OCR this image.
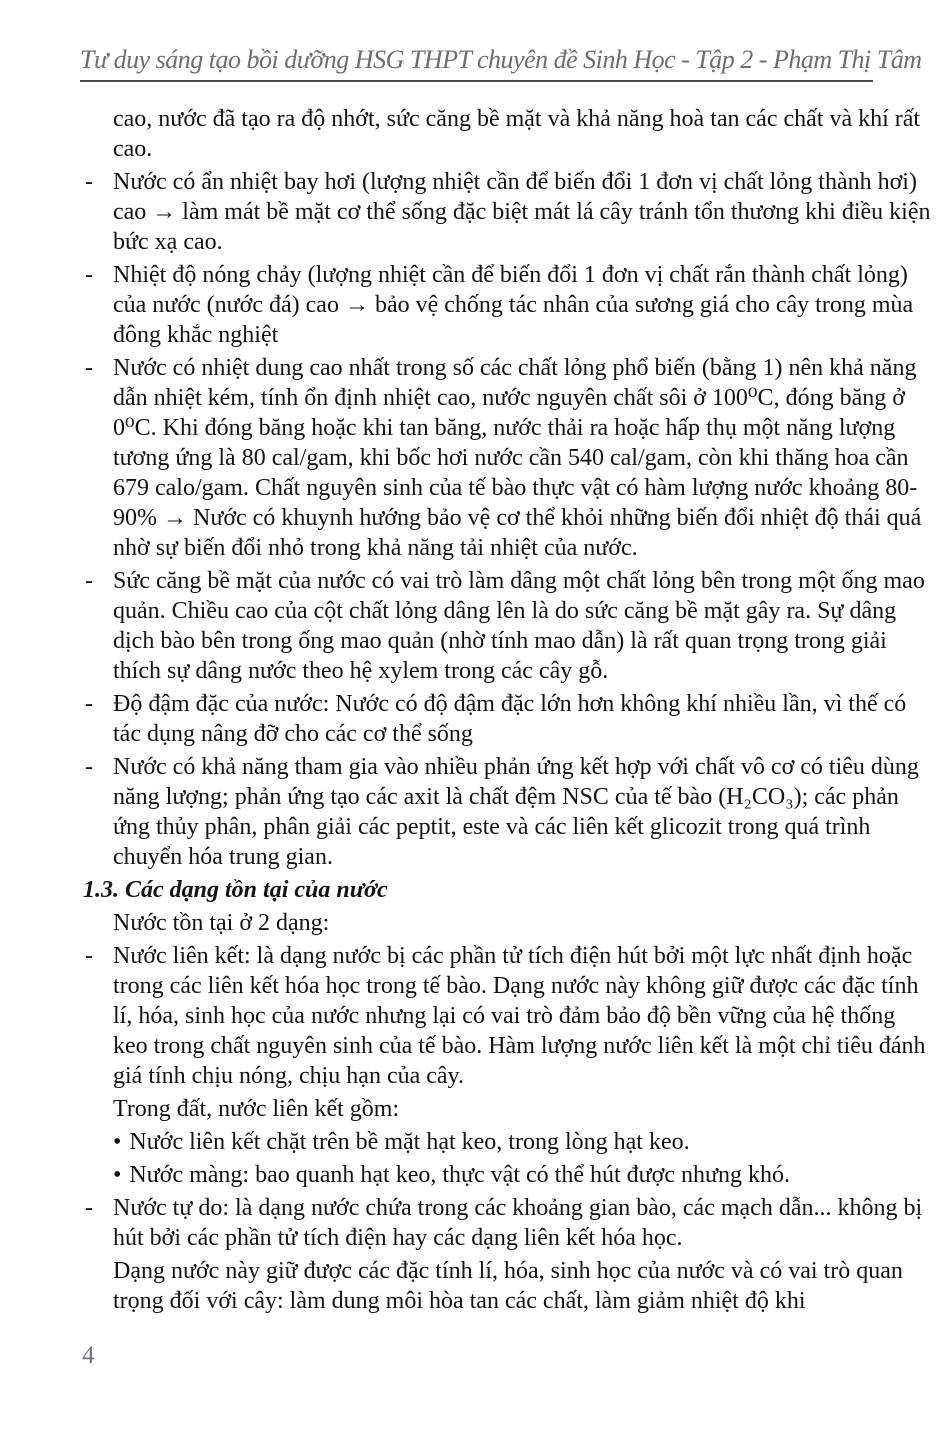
Tư duy sáng tạo bồi dưỡng HSG THPT chuyên đề Sinh Học - Tập 2 - Phạm Thị Tâm

cao, nước đã tạo ra độ nhớt, sức căng bề mặt và khả năng hoà tan các chất và khí rất cao.

- Nước có ẩn nhiệt bay hơi (lượng nhiệt cần để biến đổi 1 đơn vị chất lỏng thành hơi) cao → làm mát bề mặt cơ thể sống đặc biệt mát lá cây tránh tổn thương khi điều kiện bức xạ cao.

- Nhiệt độ nóng chảy (lượng nhiệt cần để biến đổi 1 đơn vị chất rắn thành chất lỏng) của nước (nước đá) cao → bảo vệ chống tác nhân của sương giá cho cây trong mùa đông khắc nghiệt

- Nước có nhiệt dung cao nhất trong số các chất lỏng phổ biến (bằng 1) nên khả năng dẫn nhiệt kém, tính ổn định nhiệt cao, nước nguyên chất sôi ở 100⁰C, đóng băng ở 0⁰C. Khi đóng băng hoặc khi tan băng, nước thải ra hoặc hấp thụ một năng lượng tương ứng là 80 cal/gam, khi bốc hơi nước cần 540 cal/gam, còn khi thăng hoa cần 679 calo/gam. Chất nguyên sinh của tế bào thực vật có hàm lượng nước khoảng 80-90% → Nước có khuynh hướng bảo vệ cơ thể khỏi những biến đổi nhiệt độ thái quá nhờ sự biến đổi nhỏ trong khả năng tải nhiệt của nước.

- Sức căng bề mặt của nước có vai trò làm dâng một chất lỏng bên trong một ống mao quản. Chiều cao của cột chất lỏng dâng lên là do sức căng bề mặt gây ra. Sự dâng dịch bào bên trong ống mao quản (nhờ tính mao dẫn) là rất quan trọng trong giải thích sự dâng nước theo hệ xylem trong các cây gỗ.

- Độ đậm đặc của nước: Nước có độ đậm đặc lớn hơn không khí nhiều lần, vì thế có tác dụng nâng đỡ cho các cơ thể sống

- Nước có khả năng tham gia vào nhiều phản ứng kết hợp với chất vô cơ có tiêu dùng năng lượng; phản ứng tạo các axit là chất đệm NSC của tế bào (H₂CO₃); các phản ứng thủy phân, phân giải các peptit, este và các liên kết glicozit trong quá trình chuyển hóa trung gian.

1.3. Các dạng tồn tại của nước

Nước tồn tại ở 2 dạng:

- Nước liên kết: là dạng nước bị các phần tử tích điện hút bởi một lực nhất định hoặc trong các liên kết hóa học trong tế bào. Dạng nước này không giữ được các đặc tính lí, hóa, sinh học của nước nhưng lại có vai trò đảm bảo độ bền vững của hệ thống keo trong chất nguyên sinh của tế bào. Hàm lượng nước liên kết là một chỉ tiêu đánh giá tính chịu nóng, chịu hạn của cây.

Trong đất, nước liên kết gồm:

• Nước liên kết chặt trên bề mặt hạt keo, trong lòng hạt keo.

• Nước màng: bao quanh hạt keo, thực vật có thể hút được nhưng khó.

- Nước tự do: là dạng nước chứa trong các khoảng gian bào, các mạch dẫn... không bị hút bởi các phần tử tích điện hay các dạng liên kết hóa học.

Dạng nước này giữ được các đặc tính lí, hóa, sinh học của nước và có vai trò quan trọng đối với cây: làm dung môi hòa tan các chất, làm giảm nhiệt độ khi

4
